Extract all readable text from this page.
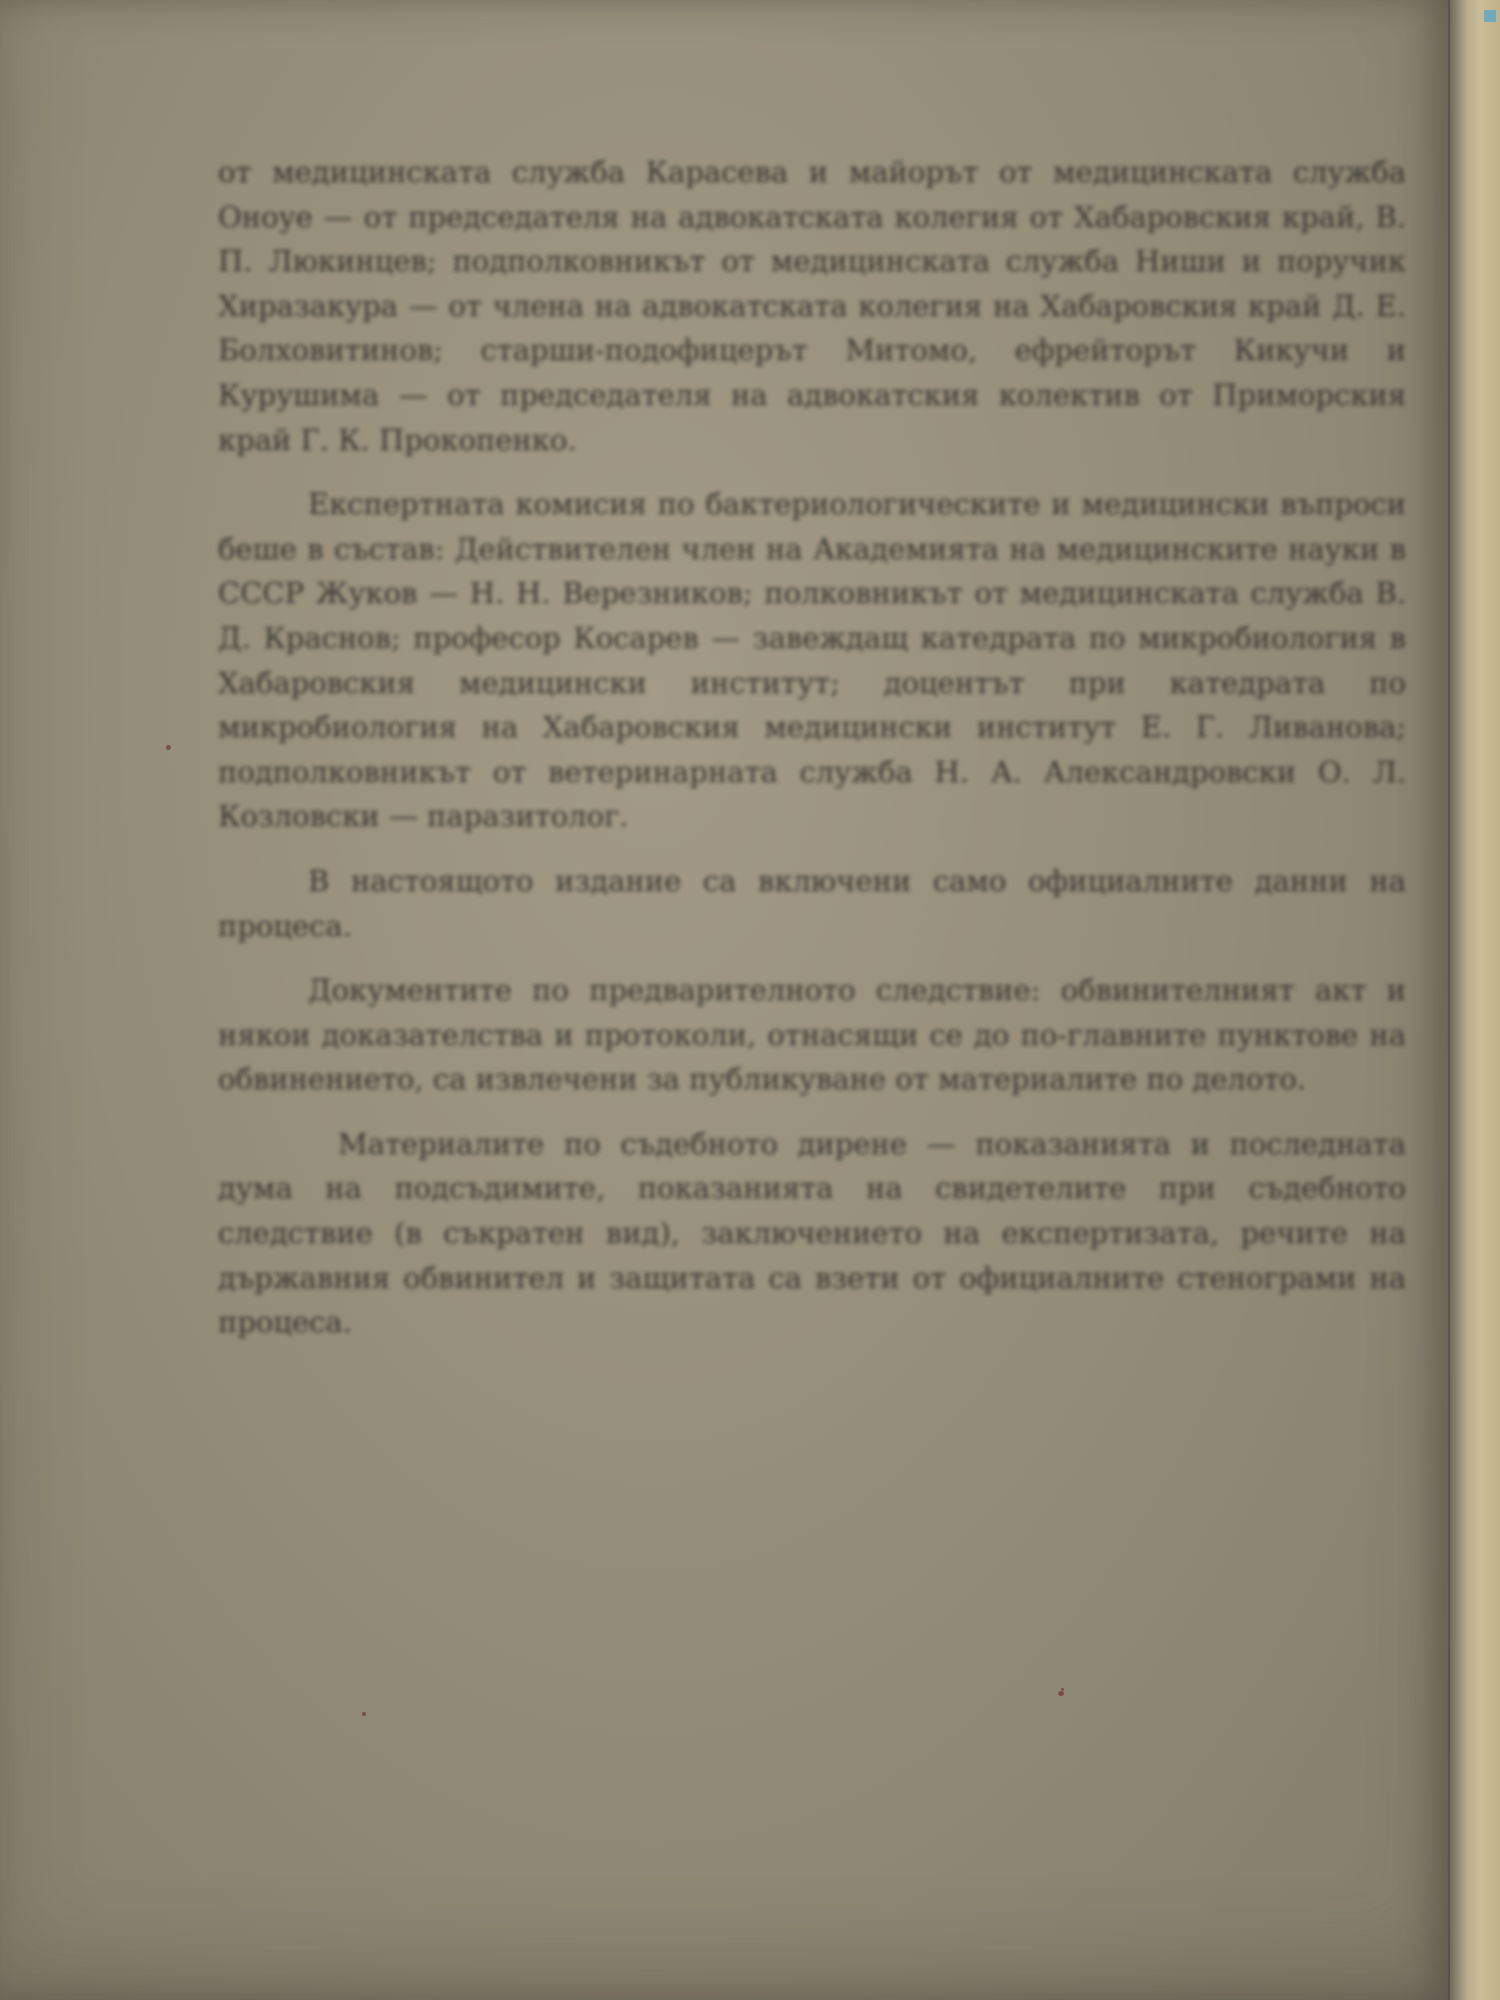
от медицинската служба Карасева и майорът от медицинската служба Оноуе — от председателя на адвокатската колегия от Хабаровския край, В. П. Люкинцев; подполковникът от медицинската служба Ниши и поручик Хиразакура — от члена на адвокатската колегия на Хабаровския край Д. Е. Болховитинов; старши-подофицерът Митомо, ефрейторът Кикучи и Курушима — от председателя на адвокатския колектив от Приморския край Г. К. Прокопенко.

Експертната комисия по бактериологическите и медицински въпроси беше в състав: Действителен член на Академията на медицинските науки в СССР Жуков — Н. Н. Верезников; полковникът от медицинската служба В. Д. Краснов; професор Косарев — завеждащ катедрата по микробиология в Хабаровския медицински институт; доцентът при катедрата по микробиология на Хабаровския медицински институт Е. Г. Ливанова; подполковникът от ветеринарната служба Н. А. Александровски О. Л. Козловски — паразитолог.

В настоящото издание са включени само официалните данни на процеса.

Документите по предварителното следствие: обвинителният акт и някои доказателства и протоколи, отнасящи се до по-главните пунктове на обвинението, са извлечени за публикуване от материалите по делото.

Материалите по съдебното дирене — показанията и последната дума на подсъдимите, показанията на свидетелите при съдебното следствие (в съкратен вид), заключението на експертизата, речите на държавния обвинител и защитата са взети от официалните стенограми на процеса.
